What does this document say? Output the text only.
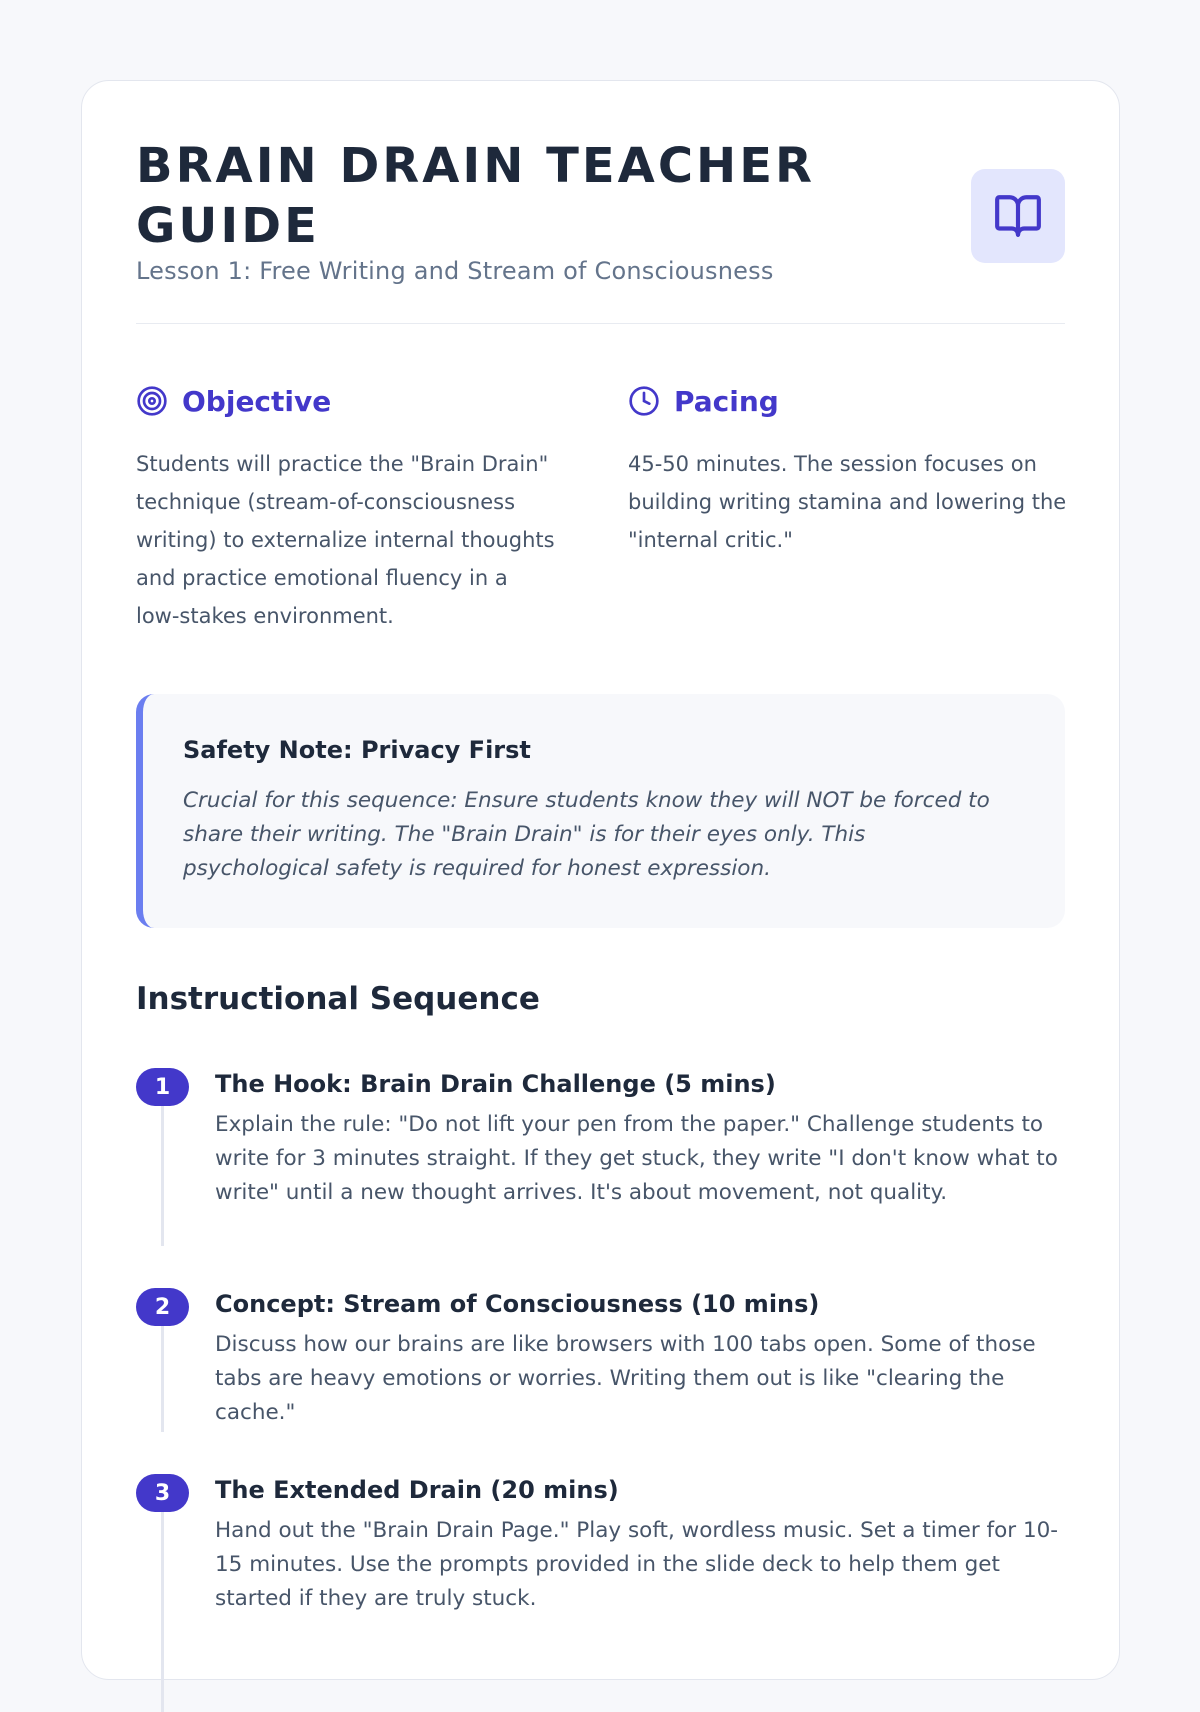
BRAIN DRAIN TEACHER GUIDE

Lesson 1: Free Writing and Stream of Consciousness

Objective
Students will practice the "Brain Drain" technique (stream-of-consciousness writing) to externalize internal thoughts and practice emotional fluency in a low-stakes environment.
Pacing
45-50 minutes. The session focuses on building writing stamina and lowering the "internal critic."
Safety Note: Privacy First
Crucial for this sequence: Ensure students know they will NOT be forced to share their writing. The "Brain Drain" is for their eyes only. This psychological safety is required for honest expression.
Instructional Sequence
1	The Hook: Brain Drain Challenge (5 mins)
Explain the rule: "Do not lift your pen from the paper." Challenge students to write for 3 minutes straight. If they get stuck, they write "I don't know what to write" until a new thought arrives. It's about movement, not quality.
2	Concept: Stream of Consciousness (10 mins)
Discuss how our brains are like browsers with 100 tabs open. Some of those tabs are heavy emotions or worries. Writing them out is like "clearing the cache."
3	The Extended Drain (20 mins)
Hand out the "Brain Drain Page." Play soft, wordless music. Set a timer for 10-15 minutes. Use the prompts provided in the slide deck to help them get started if they are truly stuck.
